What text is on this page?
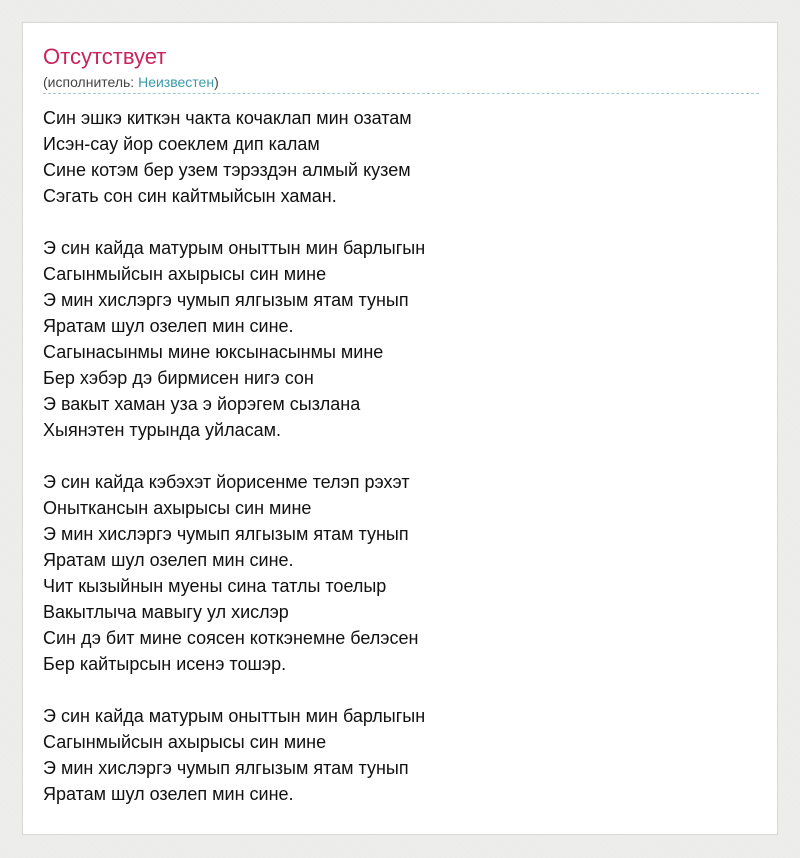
Отсутствует
(исполнитель: Неизвестен)
Син эшкэ киткэн чакта кочаклап мин озатам
Исэн-сау йор соеклем дип калам
Сине котэм бер узем тэрэздэн алмый кузем
Сэгать сон син кайтмыйсын хаман.
Э син кайда матурым оныттын мин барлыгын
Сагынмыйсын ахырысы син мине
Э мин хислэргэ чумып ялгызым ятам тунып
Яратам шул озелеп мин сине.
Сагынасынмы мине юксынасынмы мине
Бер хэбэр дэ бирмисен нигэ сон
Э вакыт хаман уза э йорэгем сызлана
Хыянэтен турында уйласам.
Э син кайда кэбэхэт йорисенме телэп рэхэт
Оныткансын ахырысы син мине
Э мин хислэргэ чумып ялгызым ятам тунып
Яратам шул озелеп мин сине.
Чит кызыйнын муены сина татлы тоелыр
Вакытлыча мавыгу ул хислэр
Син дэ бит мине соясен коткэнемне белэсен
Бер кайтырсын исенэ тошэр.
Э син кайда матурым оныттын мин барлыгын
Сагынмыйсын ахырысы син мине
Э мин хислэргэ чумып ялгызым ятам тунып
Яратам шул озелеп мин сине.
